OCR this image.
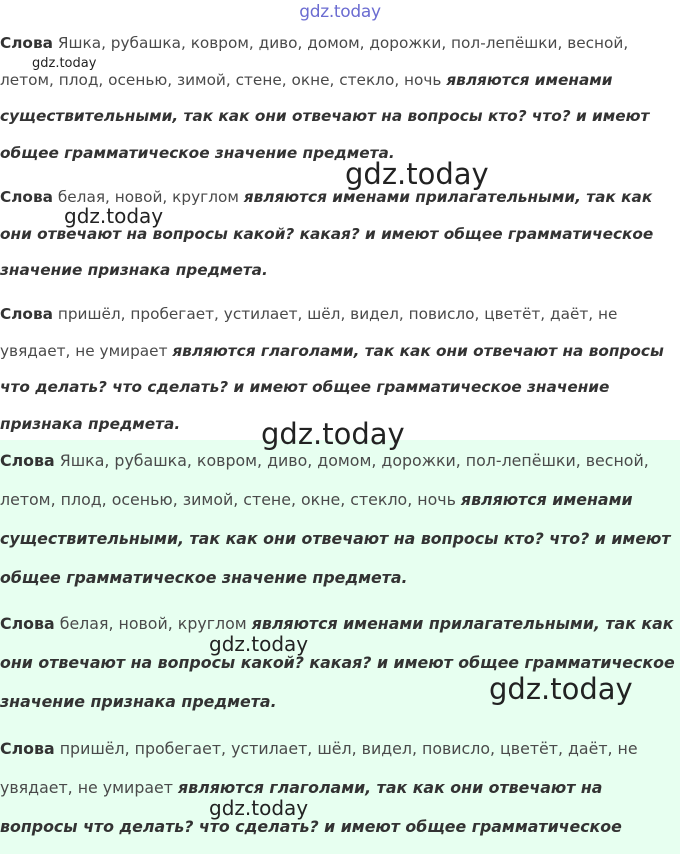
Слова Яшка, рубашка, ковром, диво, домом, дорожки, пол-лепёшки, весной, летом, плод, осенью, зимой, стене, окне, стекло, ночь являются именами существительными, так как они отвечают на вопросы кто? что? и имеют общее грамматическое значение предмета.

Слова белая, новой, круглом являются именами прилагательными, так как они отвечают на вопросы какой? какая? и имеют общее грамматическое значение признака предмета.

Слова пришёл, пробегает, устилает, шёл, видел, повисло, цветёт, даёт, не увядает, не умирает являются глаголами, так как они отвечают на вопросы что делать? что сделать? и имеют общее грамматическое значение признака предмета.

Слова Яшка, рубашка, ковром, диво, домом, дорожки, пол-лепёшки, весной, летом, плод, осенью, зимой, стене, окне, стекло, ночь являются именами существительными, так как они отвечают на вопросы кто? что? и имеют общее грамматическое значение предмета.

Слова белая, новой, круглом являются именами прилагательными, так как они отвечают на вопросы какой? какая? и имеют общее грамматическое значение признака предмета.

Слова пришёл, пробегает, устилает, шёл, видел, повисло, цветёт, даёт, не увядает, не умирает являются глаголами, так как они отвечают на вопросы что делать? что сделать? и имеют общее грамматическое

gdz.today
gdz.today
gdz.today
gdz.today
gdz.today
gdz.today
gdz.today
gdz.today
